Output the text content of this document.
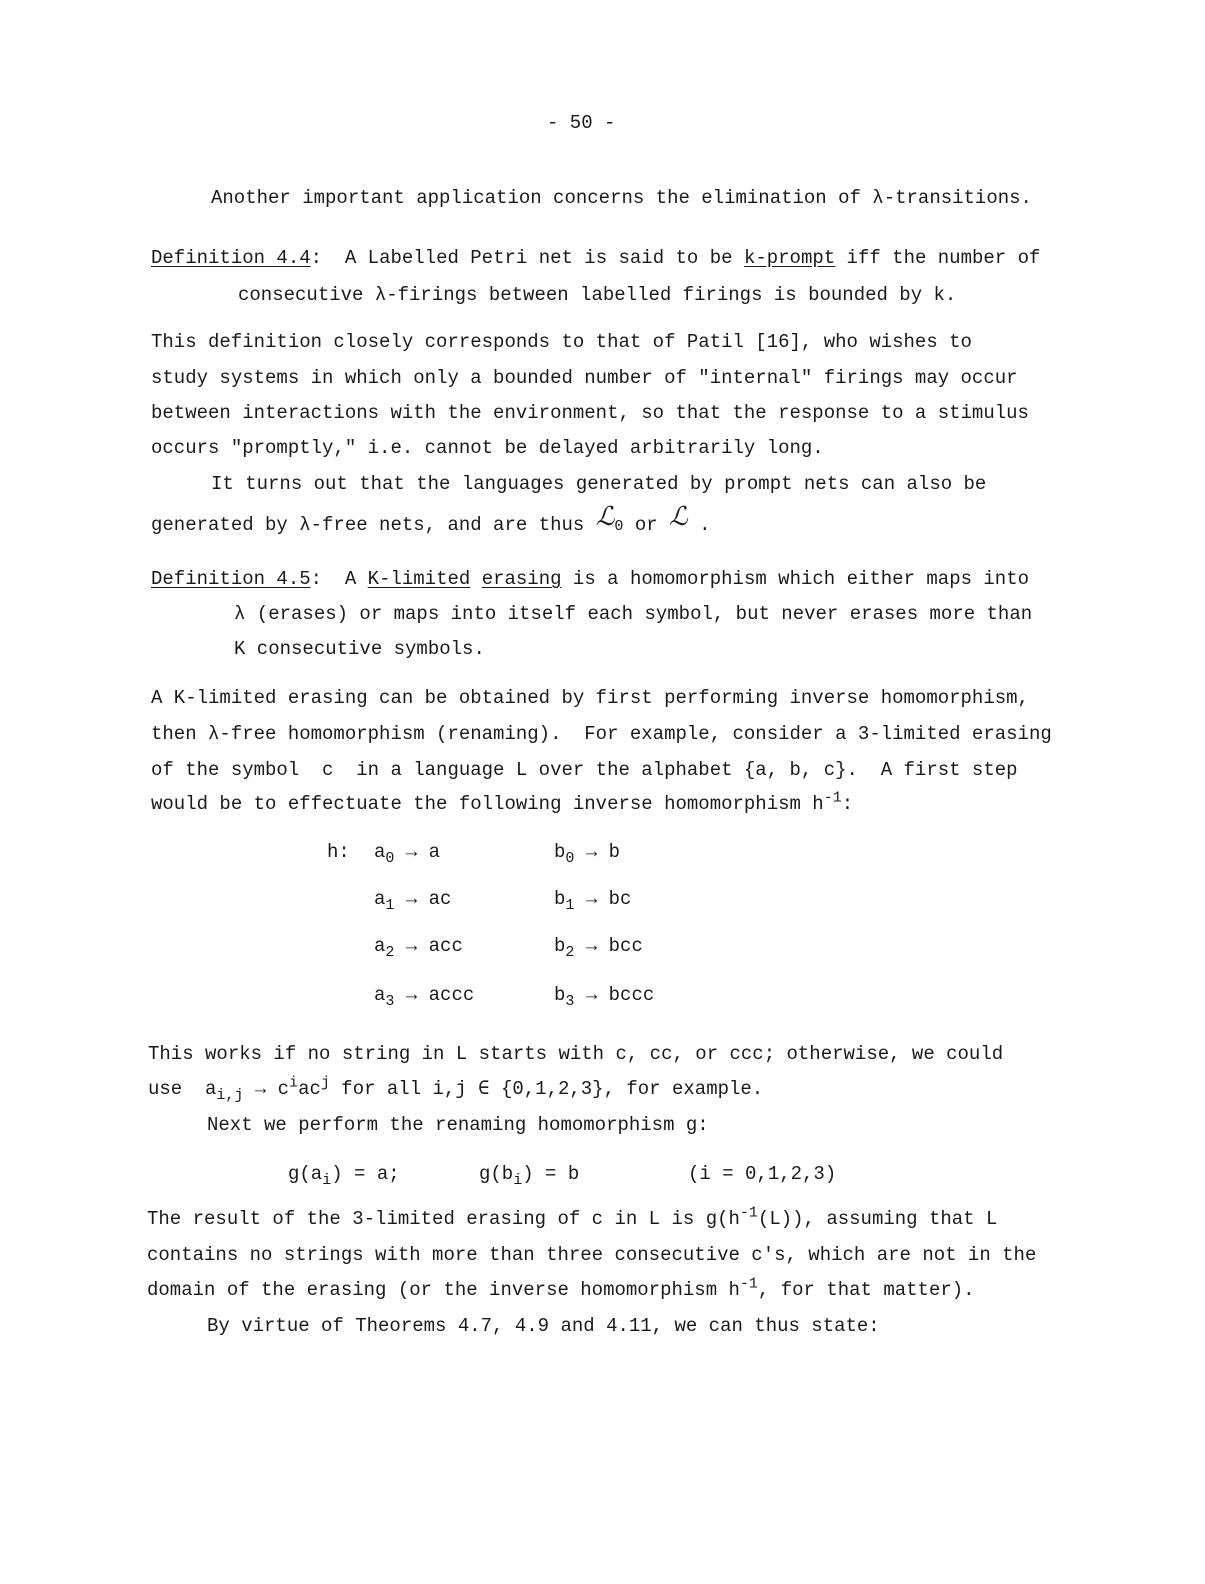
- 50 -
Another important application concerns the elimination of λ-transitions.
Definition 4.4: A Labelled Petri net is said to be k-prompt iff the number of
consecutive λ-firings between labelled firings is bounded by k.
This definition closely corresponds to that of Patil [16], who wishes to
study systems in which only a bounded number of "internal" firings may occur
between interactions with the environment, so that the response to a stimulus
occurs "promptly," i.e. cannot be delayed arbitrarily long.
It turns out that the languages generated by prompt nets can also be
generated by λ-free nets, and are thus ℒ$_0$ or ℒ .
Definition 4.5: A K-limited erasing is a homomorphism which either maps into
λ (erases) or maps into itself each symbol, but never erases more than
K consecutive symbols.
A K-limited erasing can be obtained by first performing inverse homomorphism,
then λ-free homomorphism (renaming).  For example, consider a 3-limited erasing
of the symbol  c  in a language L over the alphabet {a, b, c}.  A first step
would be to effectuate the following inverse homomorphism $h^{-1}$:
h: $a_0 \to a$	$b_0 \to b$
$a_1$ → ac	$b_1$ → bc
$a_2$ → acc	$b_2$ → bcc
$a_3$ → accc	$b_3$ → bccc
This works if no string in L starts with c, cc, or ccc; otherwise, we could
use  $a_{i,j} \to c^iac^j$ for all i,j ∈ {0,1,2,3}, for example.
Next we perform the renaming homomorphism g:
$g(a_i) = a$;	$g(b_i) = b$	(i = 0,1,2,3)
The result of the 3-limited erasing of c in L is $g(h^{-1}(L))$, assuming that L
contains no strings with more than three consecutive c's, which are not in the
domain of the erasing (or the inverse homomorphism $h^{-1}$, for that matter).
By virtue of Theorems 4.7, 4.9 and 4.11, we can thus state:
